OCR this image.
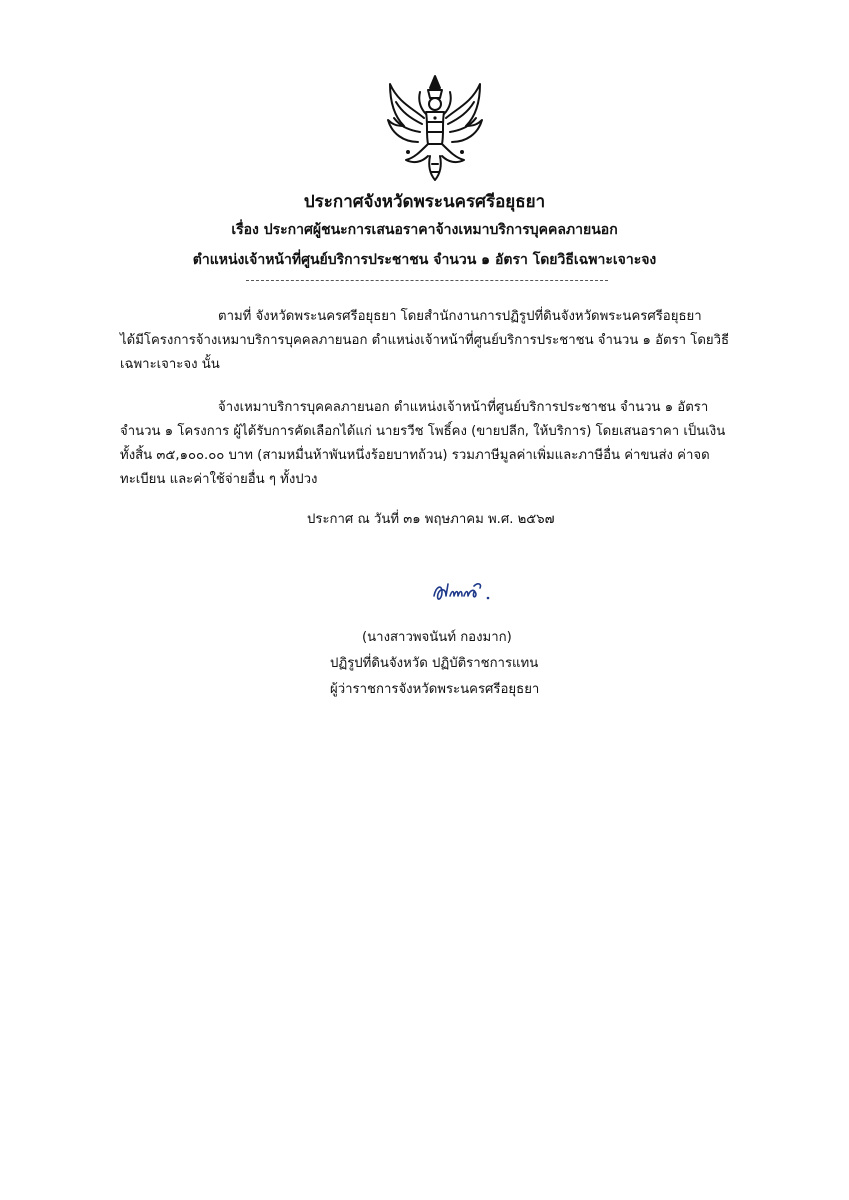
ประกาศจังหวัดพระนครศรีอยุธยา
เรื่อง ประกาศผู้ชนะการเสนอราคาจ้างเหมาบริการบุคคลภายนอก
ตำแหน่งเจ้าหน้าที่ศูนย์บริการประชาชน จำนวน ๑ อัตรา โดยวิธีเฉพาะเจาะจง
ตามที่ จังหวัดพระนครศรีอยุธยา โดยสำนักงานการปฏิรูปที่ดินจังหวัดพระนครศรีอยุธยา
ได้มีโครงการจ้างเหมาบริการบุคคลภายนอก ตำแหน่งเจ้าหน้าที่ศูนย์บริการประชาชน จำนวน ๑ อัตรา โดยวิธี
เฉพาะเจาะจง นั้น
จ้างเหมาบริการบุคคลภายนอก ตำแหน่งเจ้าหน้าที่ศูนย์บริการประชาชน จำนวน ๑ อัตรา
จำนวน ๑ โครงการ ผู้ได้รับการคัดเลือกได้แก่ นายรวีช โพธิ์คง (ขายปลีก, ให้บริการ) โดยเสนอราคา เป็นเงิน
ทั้งสิ้น ๓๕,๑๐๐.๐๐ บาท (สามหมื่นห้าพันหนึ่งร้อยบาทถ้วน) รวมภาษีมูลค่าเพิ่มและภาษีอื่น ค่าขนส่ง ค่าจด
ทะเบียน และค่าใช้จ่ายอื่น ๆ ทั้งปวง
ประกาศ ณ วันที่ ๓๑ พฤษภาคม พ.ศ. ๒๕๖๗
(นางสาวพจนันท์ กองมาก)
ปฏิรูปที่ดินจังหวัด ปฏิบัติราชการแทน
ผู้ว่าราชการจังหวัดพระนครศรีอยุธยา
